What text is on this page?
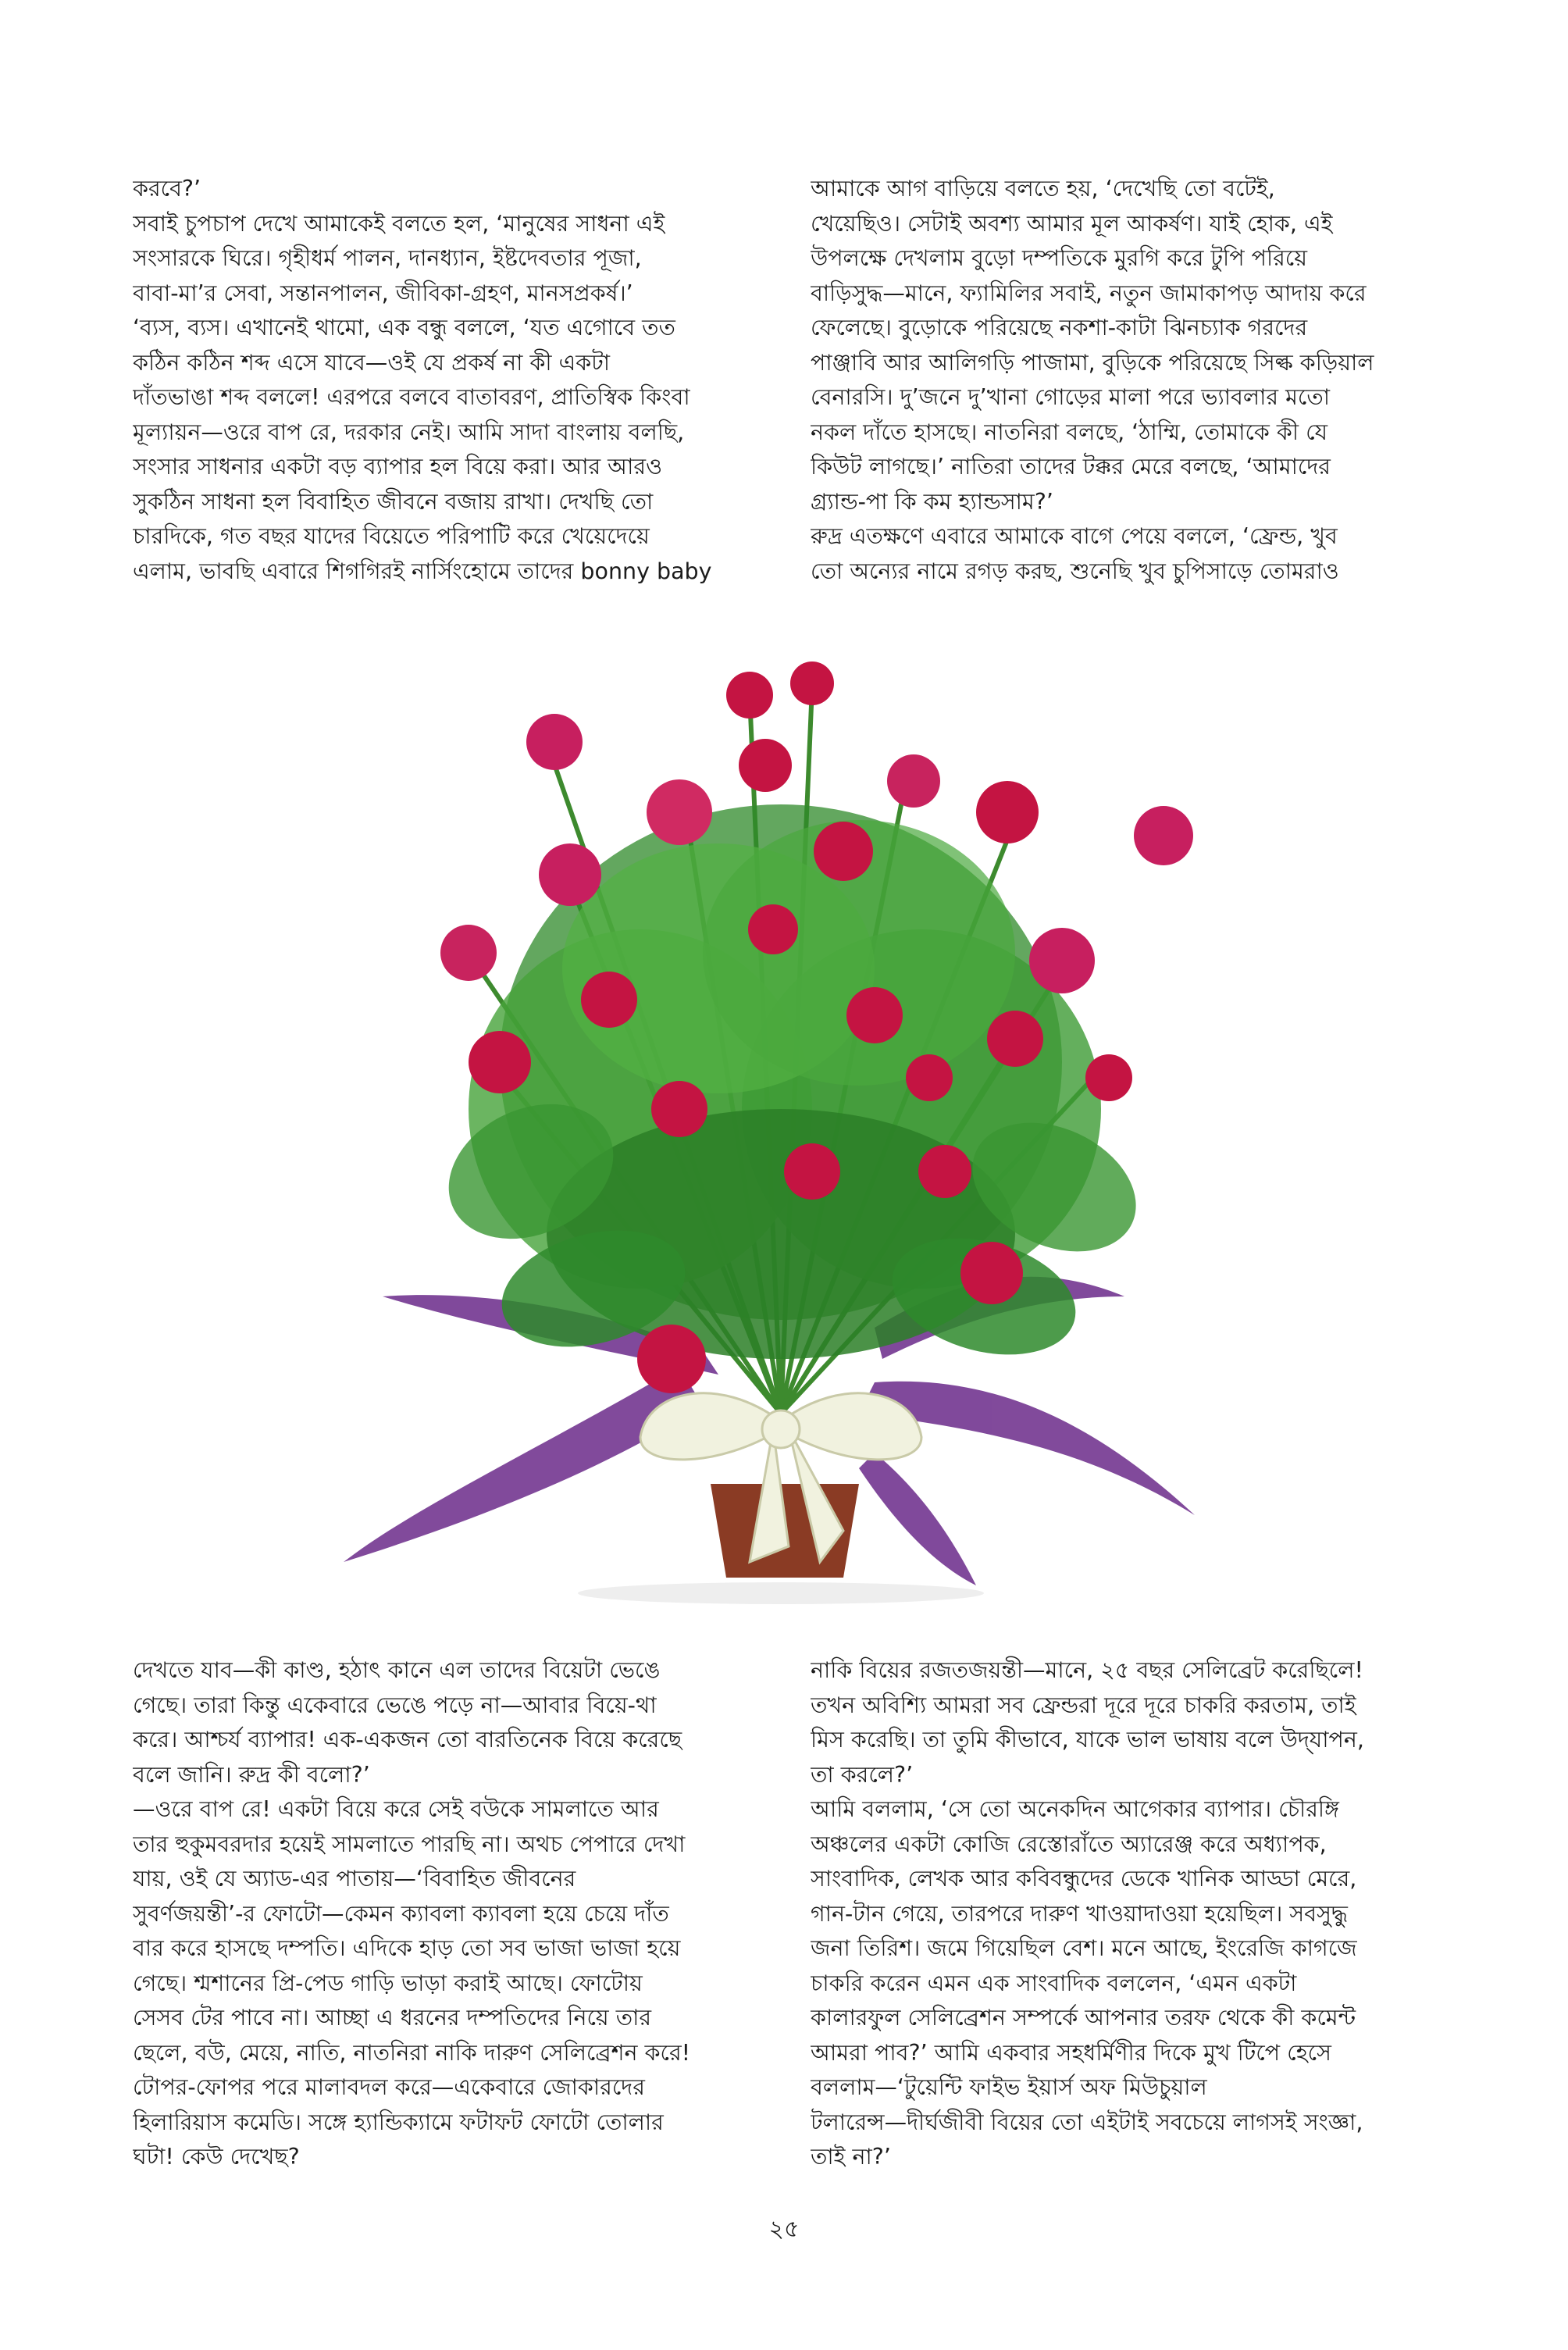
করবে?’
সবাই চুপচাপ দেখে আমাকেই বলতে হল, ‘মানুষের সাধনা এই
সংসারকে ঘিরে। গৃহীধর্ম পালন, দানধ্যান, ইষ্টদেবতার পূজা,
বাবা-মা’র সেবা, সন্তানপালন, জীবিকা-গ্রহণ, মানসপ্রকর্ষ।’
‘ব্যস, ব্যস। এখানেই থামো, এক বন্ধু বললে, ‘যত এগোবে তত
কঠিন কঠিন শব্দ এসে যাবে—ওই যে প্রকর্ষ না কী একটা
দাঁতভাঙা শব্দ বললে! এরপরে বলবে বাতাবরণ, প্রাতিস্বিক কিংবা
মূল্যায়ন—ওরে বাপ রে, দরকার নেই। আমি সাদা বাংলায় বলছি,
সংসার সাধনার একটা বড় ব্যাপার হল বিয়ে করা। আর আরও
সুকঠিন সাধনা হল বিবাহিত জীবনে বজায় রাখা। দেখছি তো
চারদিকে, গত বছর যাদের বিয়েতে পরিপাটি করে খেয়েদেয়ে
এলাম, ভাবছি এবারে শিগগিরই নার্সিংহোমে তাদের bonny baby
আমাকে আগ বাড়িয়ে বলতে হয়, ‘দেখেছি তো বটেই,
খেয়েছিও। সেটাই অবশ্য আমার মূল আকর্ষণ। যাই হোক, এই
উপলক্ষে দেখলাম বুড়ো দম্পতিকে মুরগি করে টুপি পরিয়ে
বাড়িসুদ্ধ—মানে, ফ্যামিলির সবাই, নতুন জামাকাপড় আদায় করে
ফেলেছে। বুড়োকে পরিয়েছে নকশা-কাটা ঝিনচ্যাক গরদের
পাঞ্জাবি আর আলিগড়ি পাজামা, বুড়িকে পরিয়েছে সিল্ক কড়িয়াল
বেনারসি। দু’জনে দু’খানা গোড়ের মালা পরে ভ্যাবলার মতো
নকল দাঁতে হাসছে। নাতনিরা বলছে, ‘ঠাম্মি, তোমাকে কী যে
কিউট লাগছে।’ নাতিরা তাদের টক্কর মেরে বলছে, ‘আমাদের
গ্র্যান্ড-পা কি কম হ্যান্ডসাম?’
রুদ্র এতক্ষণে এবারে আমাকে বাগে পেয়ে বললে, ‘ফ্রেন্ড, খুব
তো অন্যের নামে রগড় করছ, শুনেছি খুব চুপিসাড়ে তোমরাও
দেখতে যাব—কী কাণ্ড, হঠাৎ কানে এল তাদের বিয়েটা ভেঙে
গেছে। তারা কিন্তু একেবারে ভেঙে পড়ে না—আবার বিয়ে-থা
করে। আশ্চর্য ব্যাপার! এক-একজন তো বারতিনেক বিয়ে করেছে
বলে জানি। রুদ্র কী বলো?’
—ওরে বাপ রে! একটা বিয়ে করে সেই বউকে সামলাতে আর
তার হুকুমবরদার হয়েই সামলাতে পারছি না। অথচ পেপারে দেখা
যায়, ওই যে অ্যাড-এর পাতায়—‘বিবাহিত জীবনের
সুবর্ণজয়ন্তী’-র ফোটো—কেমন ক্যাবলা ক্যাবলা হয়ে চেয়ে দাঁত
বার করে হাসছে দম্পতি। এদিকে হাড় তো সব ভাজা ভাজা হয়ে
গেছে। শ্মশানের প্রি-পেড গাড়ি ভাড়া করাই আছে। ফোটোয়
সেসব টের পাবে না। আচ্ছা এ ধরনের দম্পতিদের নিয়ে তার
ছেলে, বউ, মেয়ে, নাতি, নাতনিরা নাকি দারুণ সেলিব্রেশন করে!
টোপর-ফোপর পরে মালাবদল করে—একেবারে জোকারদের
হিলারিয়াস কমেডি। সঙ্গে হ্যান্ডিক্যামে ফটাফট ফোটো তোলার
ঘটা! কেউ দেখেছ?
নাকি বিয়ের রজতজয়ন্তী—মানে, ২৫ বছর সেলিব্রেট করেছিলে!
তখন অবিশ্যি আমরা সব ফ্রেন্ডরা দূরে দূরে চাকরি করতাম, তাই
মিস করেছি। তা তুমি কীভাবে, যাকে ভাল ভাষায় বলে উদ্‌যাপন,
তা করলে?’
আমি বললাম, ‘সে তো অনেকদিন আগেকার ব্যাপার। চৌরঙ্গি
অঞ্চলের একটা কোজি রেস্তোরাঁতে অ্যারেঞ্জ করে অধ্যাপক,
সাংবাদিক, লেখক আর কবিবন্ধুদের ডেকে খানিক আড্ডা মেরে,
গান-টান গেয়ে, তারপরে দারুণ খাওয়াদাওয়া হয়েছিল। সবসুদ্ধু
জনা তিরিশ। জমে গিয়েছিল বেশ। মনে আছে, ইংরেজি কাগজে
চাকরি করেন এমন এক সাংবাদিক বললেন, ‘এমন একটা
কালারফুল সেলিব্রেশন সম্পর্কে আপনার তরফ থেকে কী কমেন্ট
আমরা পাব?’ আমি একবার সহধর্মিণীর দিকে মুখ টিপে হেসে
বললাম—‘টুয়েন্টি ফাইভ ইয়ার্স অফ মিউচুয়াল
টলারেন্স—দীর্ঘজীবী বিয়ের তো এইটাই সবচেয়ে লাগসই সংজ্ঞা,
তাই না?’
২৫
